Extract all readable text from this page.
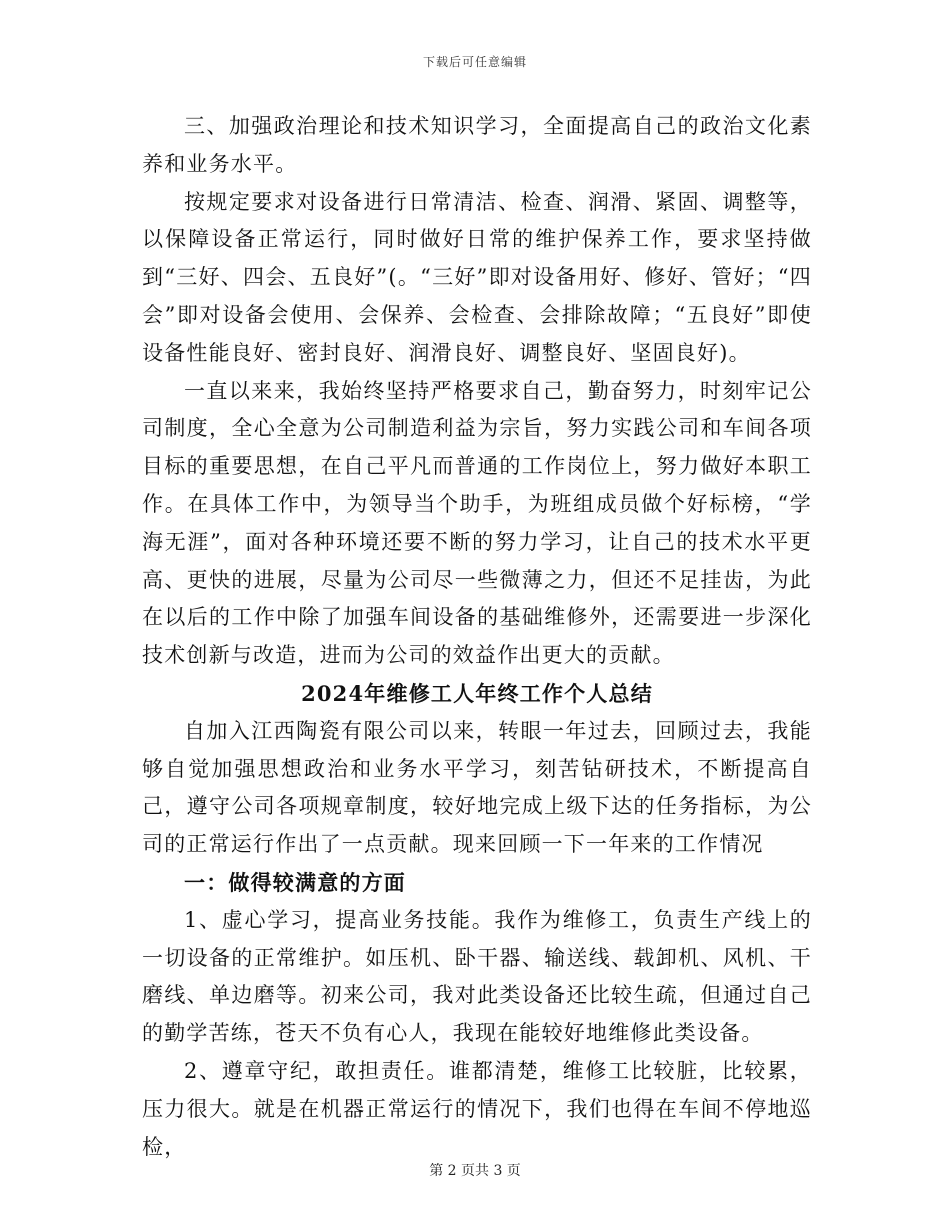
下载后可任意编辑

三、加强政治理论和技术知识学习，全面提高自己的政治文化素养和业务水平。

按规定要求对设备进行日常清洁、检查、润滑、紧固、调整等，以保障设备正常运行，同时做好日常的维护保养工作，要求坚持做到“三好、四会、五良好”(。“三好”即对设备用好、修好、管好；“四会”即对设备会使用、会保养、会检查、会排除故障；“五良好”即使设备性能良好、密封良好、润滑良好、调整良好、坚固良好)。

一直以来来，我始终坚持严格要求自己，勤奋努力，时刻牢记公司制度，全心全意为公司制造利益为宗旨，努力实践公司和车间各项目标的重要思想，在自己平凡而普通的工作岗位上，努力做好本职工作。在具体工作中，为领导当个助手，为班组成员做个好标榜，“学海无涯”，面对各种环境还要不断的努力学习，让自己的技术水平更高、更快的进展，尽量为公司尽一些微薄之力，但还不足挂齿，为此在以后的工作中除了加强车间设备的基础维修外，还需要进一步深化技术创新与改造，进而为公司的效益作出更大的贡献。

2024年维修工人年终工作个人总结

自加入江西陶瓷有限公司以来，转眼一年过去，回顾过去，我能够自觉加强思想政治和业务水平学习，刻苦钻研技术，不断提高自己，遵守公司各项规章制度，较好地完成上级下达的任务指标，为公司的正常运行作出了一点贡献。现来回顾一下一年来的工作情况

一：做得较满意的方面

1、虚心学习，提高业务技能。我作为维修工，负责生产线上的一切设备的正常维护。如压机、卧干器、输送线、载卸机、风机、干磨线、单边磨等。初来公司，我对此类设备还比较生疏，但通过自己的勤学苦练，苍天不负有心人，我现在能较好地维修此类设备。

2、遵章守纪，敢担责任。谁都清楚，维修工比较脏，比较累，压力很大。就是在机器正常运行的情况下，我们也得在车间不停地巡检，

第 2 页共 3 页
